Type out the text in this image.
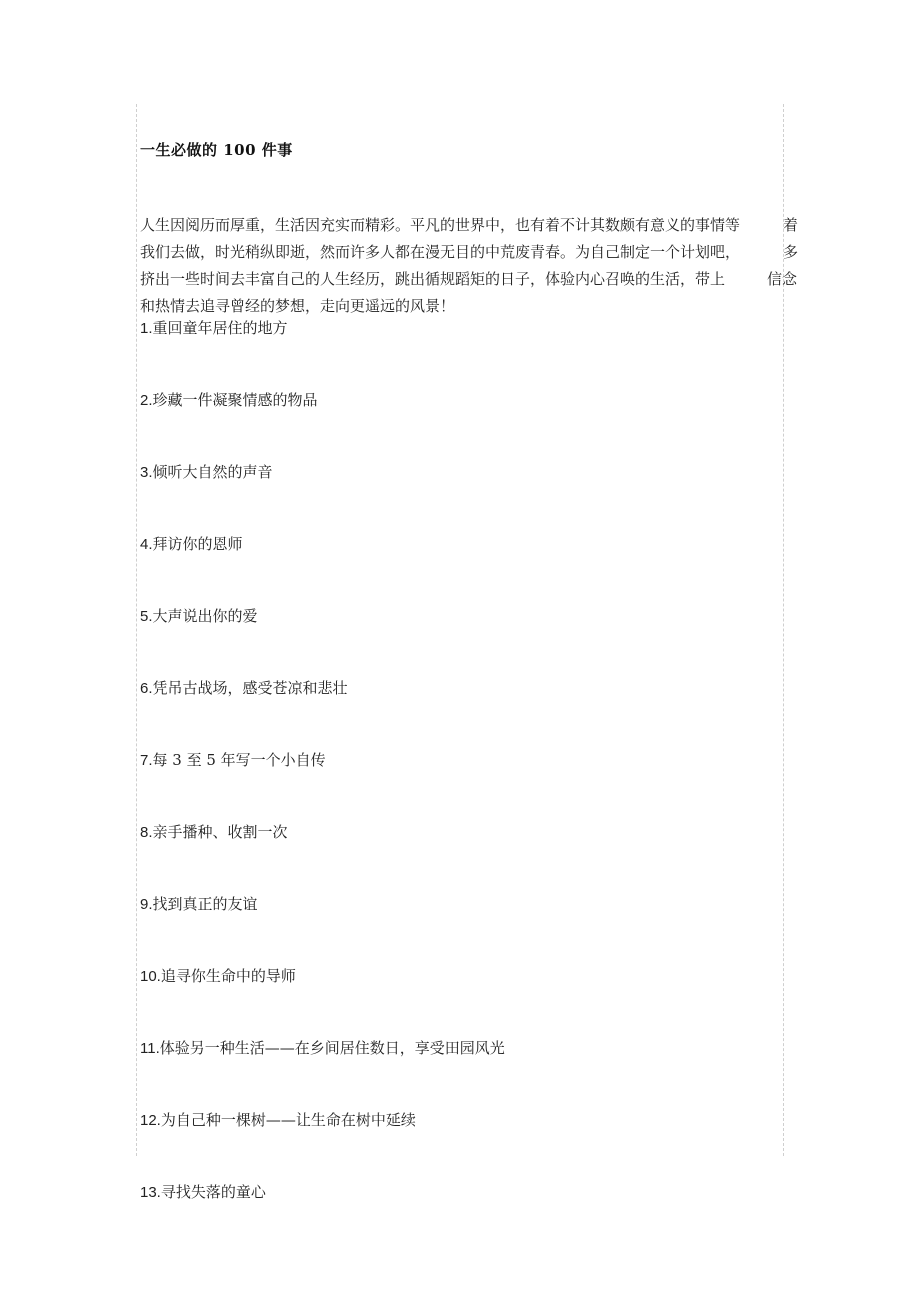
一生必做的 100 件事
人生因阅历而厚重，生活因充实而精彩。平凡的世界中，也有着不计其数颇有意义的事情等	着
我们去做，时光稍纵即逝，然而许多人都在漫无目的中荒废青春。为自己制定一个计划吧，	多
挤出一些时间去丰富自己的人生经历，跳出循规蹈矩的日子，体验内心召唤的生活，带上	信念
和热情去追寻曾经的梦想，走向更遥远的风景！
1.重回童年居住的地方
2.珍藏一件凝聚情感的物品
3.倾听大自然的声音
4.拜访你的恩师
5.大声说出你的爱
6.凭吊古战场，感受苍凉和悲壮
7.每 3 至 5 年写一个小自传
8.亲手播种、收割一次
9.找到真正的友谊
10.追寻你生命中的导师
11.体验另一种生活——在乡间居住数日，享受田园风光
12.为自己种一棵树——让生命在树中延续
13.寻找失落的童心
